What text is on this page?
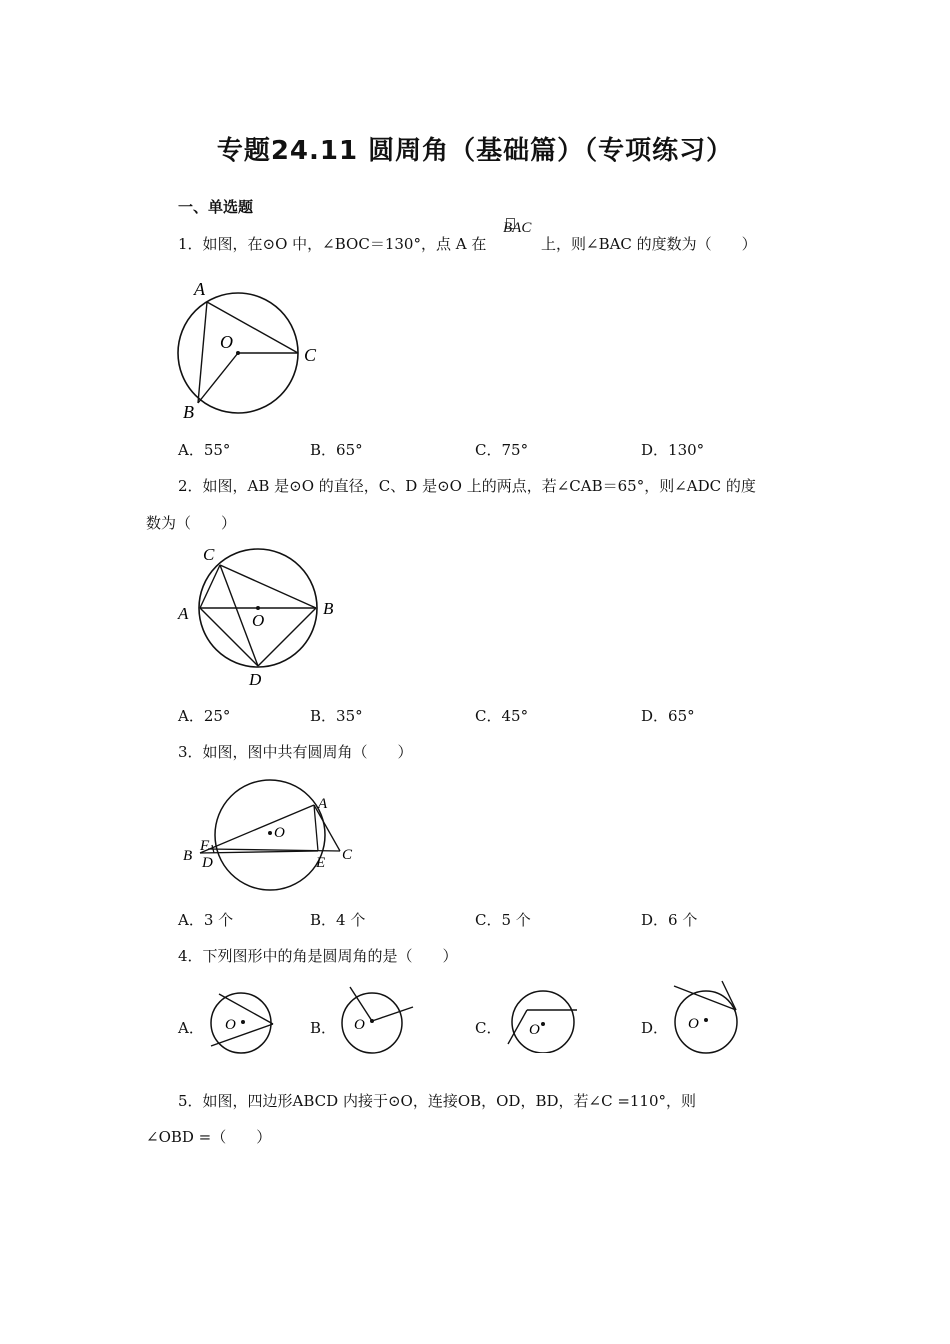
专题24.11 圆周角（基础篇）（专项练习）
一、单选题
1．如图，在⊙O 中，∠BOC＝130°，点 A 在
BAC
上，则∠BAC 的度数为（　　）
A
O
C
B
A．55°	B．65°	C．75°	D．130°
2．如图，AB 是⊙O 的直径，C、D 是⊙O 上的两点，若∠CAB＝65°，则∠ADC 的度
数为（　　）
C
A	O
B
D
A．25°	B．35°	C．45°	D．65°
3．如图，图中共有圆周角（　　）
A
O
F
B D	E C
A．3 个	B．4 个	C．5 个	D．6 个
4．下列图形中的角是圆周角的是（　　）
A． O	B． O	C． O	D． O
5．如图，四边形ABCD 内接于⊙O，连接OB，OD，BD，若∠C =110°，则
∠OBD =（　　）
